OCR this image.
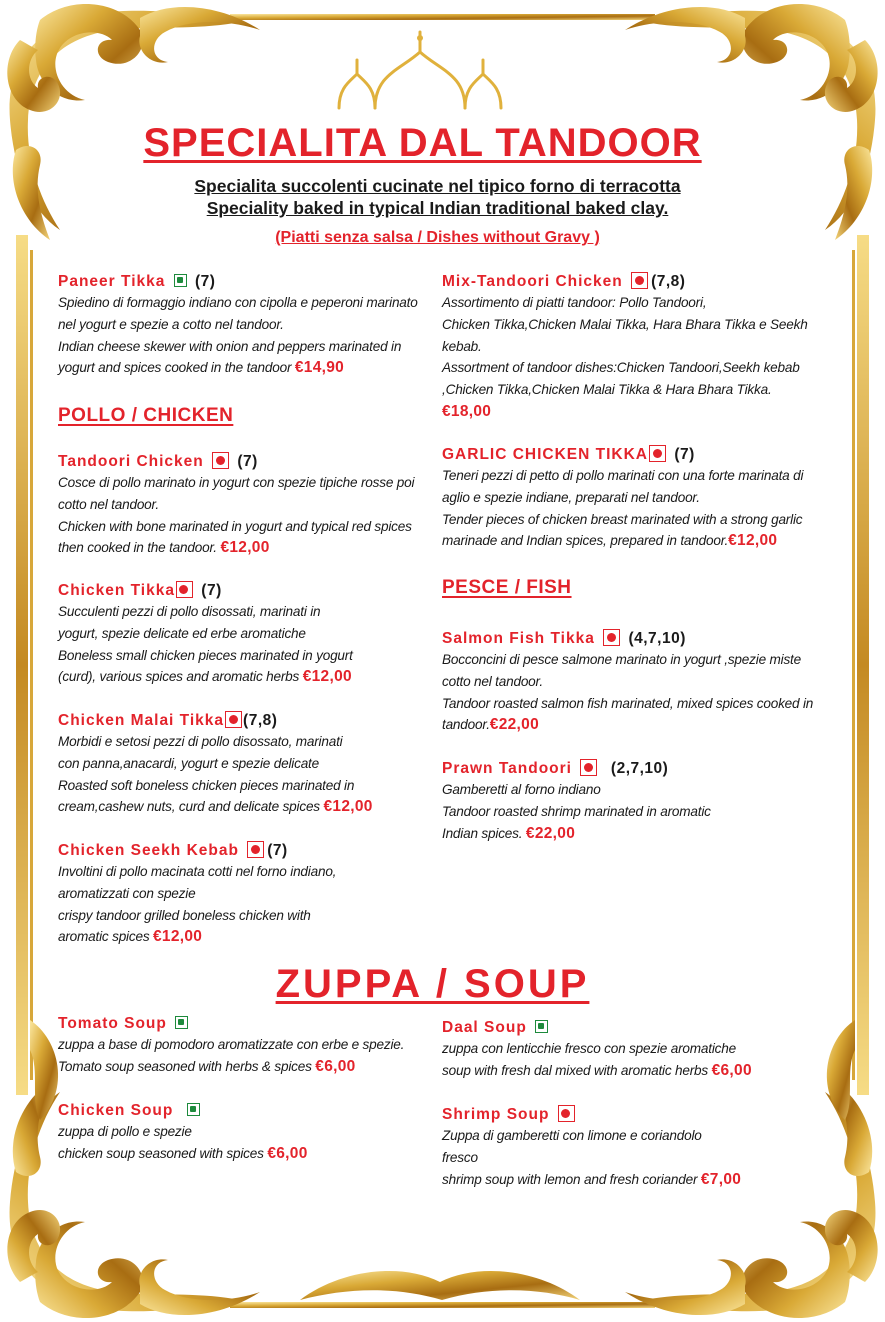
SPECIALITA DAL TANDOOR
Specialita succolenti cucinate nel tipico forno di terracotta
Speciality baked in typical Indian traditional baked clay.
(Piatti senza salsa / Dishes without Gravy )
Paneer Tikka (7)
Spiedino di formaggio indiano con cipolla e peperoni marinato
nel yogurt e spezie a cotto nel tandoor.
Indian cheese skewer with onion and peppers marinated in
yogurt and spices cooked in the tandoor €14,90
POLLO / CHICKEN
Tandoori Chicken (7)
Cosce di pollo marinato in yogurt con spezie tipiche rosse poi
cotto nel tandoor.
Chicken with bone marinated in yogurt and typical red spices
then cooked in the tandoor. €12,00
Chicken Tikka (7)
Succulenti pezzi di pollo disossati, marinati in
yogurt, spezie delicate ed erbe aromatiche
Boneless small chicken pieces marinated in yogurt
(curd), various spices and aromatic herbs €12,00
Chicken Malai Tikka (7,8)
Morbidi e setosi pezzi di pollo disossato, marinati
con panna,anacardi, yogurt e spezie delicate
Roasted soft boneless chicken pieces marinated in
cream,cashew nuts, curd and delicate spices €12,00
Chicken Seekh Kebab (7)
Involtini di pollo macinata cotti nel forno indiano,
aromatizzati con spezie
crispy tandoor grilled boneless chicken with
aromatic spices €12,00
Mix-Tandoori Chicken (7,8)
Assortimento di piatti tandoor: Pollo Tandoori,
Chicken Tikka,Chicken Malai Tikka, Hara Bhara Tikka e Seekh
kebab.
Assortment of tandoor dishes:Chicken Tandoori,Seekh kebab
,Chicken Tikka,Chicken Malai Tikka & Hara Bhara Tikka.
€18,00
GARLIC CHICKEN TIKKA (7)
Teneri pezzi di petto di pollo marinati con una forte marinata di
aglio e spezie indiane, preparati nel tandoor.
Tender pieces of chicken breast marinated with a strong garlic
marinade and Indian spices, prepared in tandoor.€12,00
PESCE / FISH
Salmon Fish Tikka (4,7,10)
Bocconcini di pesce salmone marinato in yogurt ,spezie miste
cotto nel tandoor.
Tandoor roasted salmon fish marinated, mixed spices cooked in
tandoor.€22,00
Prawn Tandoori	(2,7,10)
Gamberetti al forno indiano
Tandoor roasted shrimp marinated in aromatic
Indian spices. €22,00
ZUPPA / SOUP
Tomato Soup
zuppa a base di pomodoro aromatizzate con erbe e spezie.
Tomato soup seasoned with herbs & spices €6,00
Chicken Soup
zuppa di pollo e spezie
chicken soup seasoned with spices €6,00
Daal Soup
zuppa con lenticchie fresco con spezie aromatiche
soup with fresh dal mixed with aromatic herbs €6,00
Shrimp Soup
Zuppa di gamberetti con limone e coriandolo
fresco
shrimp soup with lemon and fresh coriander €7,00
